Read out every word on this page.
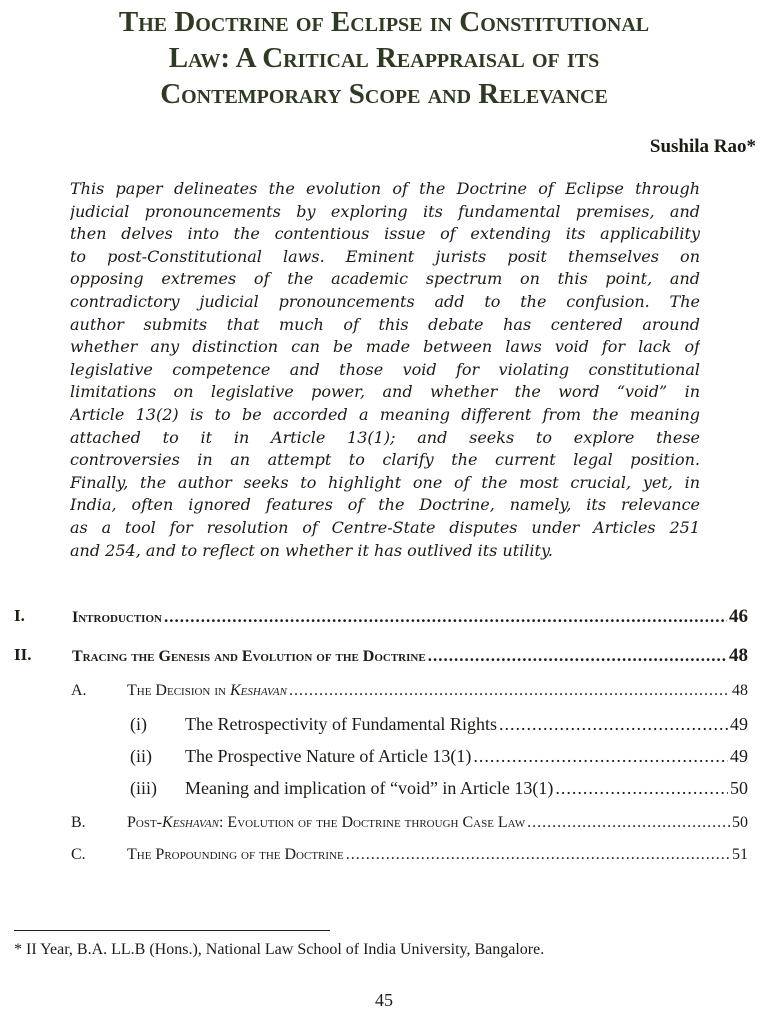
The Doctrine of Eclipse in Constitutional
Law: A Critical Reappraisal of its
Contemporary Scope and Relevance
Sushila Rao*
This paper delineates the evolution of the Doctrine of Eclipse through
judicial pronouncements by exploring its fundamental premises, and
then delves into the contentious issue of extending its applicability
to post-Constitutional laws. Eminent jurists posit themselves on
opposing extremes of the academic spectrum on this point, and
contradictory judicial pronouncements add to the confusion. The
author submits that much of this debate has centered around
whether any distinction can be made between laws void for lack of
legislative competence and those void for violating constitutional
limitations on legislative power, and whether the word “void” in
Article 13(2) is to be accorded a meaning different from the meaning
attached to it in Article 13(1); and seeks to explore these
controversies in an attempt to clarify the current legal position.
Finally, the author seeks to highlight one of the most crucial, yet, in
India, often ignored features of the Doctrine, namely, its relevance
as a tool for resolution of Centre-State disputes under Articles 251
and 254, and to reflect on whether it has outlived its utility.
I.	Introduction .....	46
II.	Tracing the Genesis and Evolution of the Doctrine .....	48
A.	The Decision in Keshavan .....	48
(i) The Retrospectivity of Fundamental Rights .....	49
(ii) The Prospective Nature of Article 13(1) .....	49
(iii) Meaning and implication of “void” in Article 13(1) .....	50
B.	Post-Keshavan: Evolution of the Doctrine through Case Law .....	50
C.	The Propounding of the Doctrine .....	51
* II Year, B.A. LL.B (Hons.), National Law School of India University, Bangalore.
45
